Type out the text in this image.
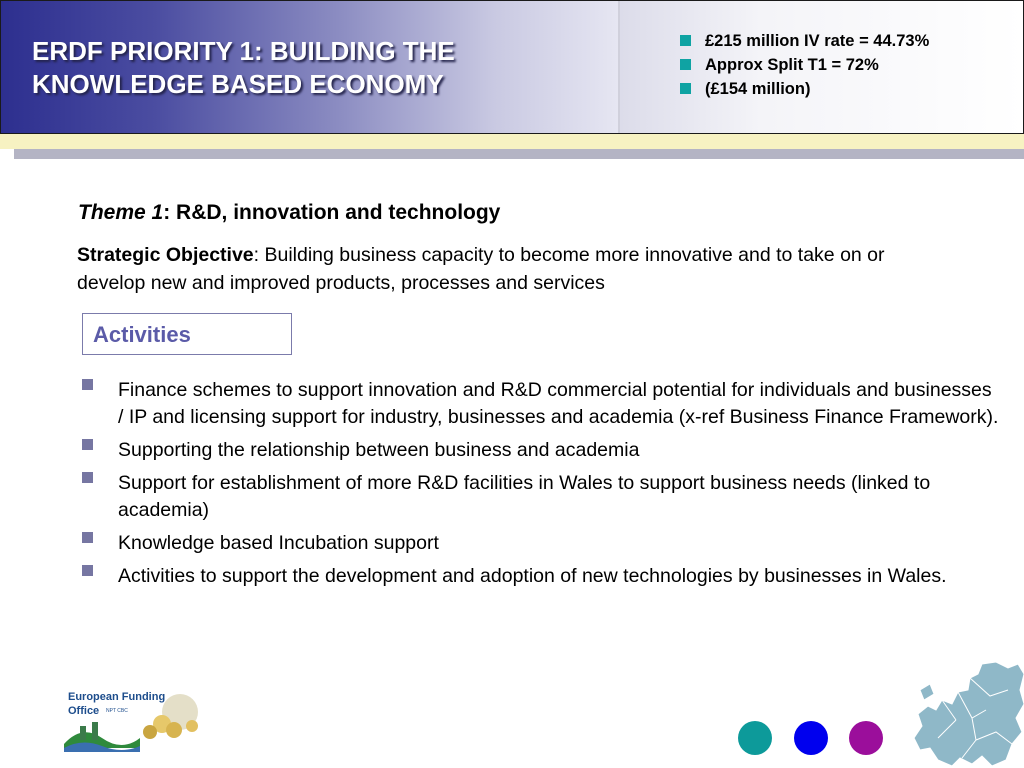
ERDF PRIORITY 1: BUILDING THE
KNOWLEDGE BASED ECONOMY
£215 million IV rate = 44.73%
Approx Split T1 = 72%
(£154 million)
Theme 1: R&D, innovation and technology
Strategic Objective: Building business capacity to become more innovative and to take on or develop new and improved products, processes and services
Activities
Finance schemes to support innovation and R&D commercial potential for individuals and businesses / IP and licensing support for industry, businesses and academia (x-ref Business Finance Framework).
Supporting the relationship between business and academia
Support for establishment of more R&D facilities in Wales to support business needs (linked to academia)
Knowledge based Incubation support
Activities to support the development and adoption of new technologies by businesses in Wales.
European Funding
Office	NPT CBC
